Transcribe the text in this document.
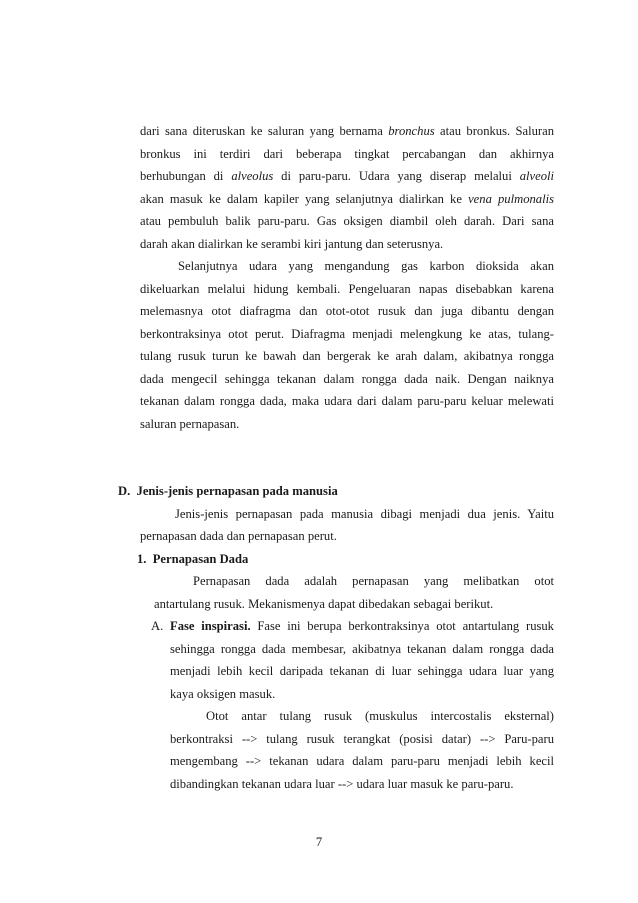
dari sana diteruskan ke saluran yang bernama bronchus atau bronkus. Saluran
bronkus ini terdiri dari beberapa tingkat percabangan dan akhirnya
berhubungan di alveolus di paru-paru. Udara yang diserap melalui alveoli
akan masuk ke dalam kapiler yang selanjutnya dialirkan ke vena pulmonalis
atau pembuluh balik paru-paru. Gas oksigen diambil oleh darah. Dari sana
darah akan dialirkan ke serambi kiri jantung dan seterusnya.
Selanjutnya udara yang mengandung gas karbon dioksida akan
dikeluarkan melalui hidung kembali. Pengeluaran napas disebabkan karena
melemasnya otot diafragma dan otot-otot rusuk dan juga dibantu dengan
berkontraksinya otot perut. Diafragma menjadi melengkung ke atas, tulang-
tulang rusuk turun ke bawah dan bergerak ke arah dalam, akibatnya rongga
dada mengecil sehingga tekanan dalam rongga dada naik. Dengan naiknya
tekanan dalam rongga dada, maka udara dari dalam paru-paru keluar melewati
saluran pernapasan.
D.  Jenis-jenis pernapasan pada manusia
Jenis-jenis pernapasan pada manusia dibagi menjadi dua jenis. Yaitu
pernapasan dada dan pernapasan perut.
1.  Pernapasan Dada
Pernapasan dada adalah pernapasan yang melibatkan otot
antartulang rusuk. Mekanismenya dapat dibedakan sebagai berikut.
A. Fase inspirasi. Fase ini berupa berkontraksinya otot antartulang rusuk
sehingga rongga dada membesar, akibatnya tekanan dalam rongga dada
menjadi lebih kecil daripada tekanan di luar sehingga udara luar yang
kaya oksigen masuk.
Otot antar tulang rusuk (muskulus intercostalis eksternal)
berkontraksi --> tulang rusuk terangkat (posisi datar) --> Paru-paru
mengembang --> tekanan udara dalam paru-paru menjadi lebih kecil
dibandingkan tekanan udara luar --> udara luar masuk ke paru-paru.
7
